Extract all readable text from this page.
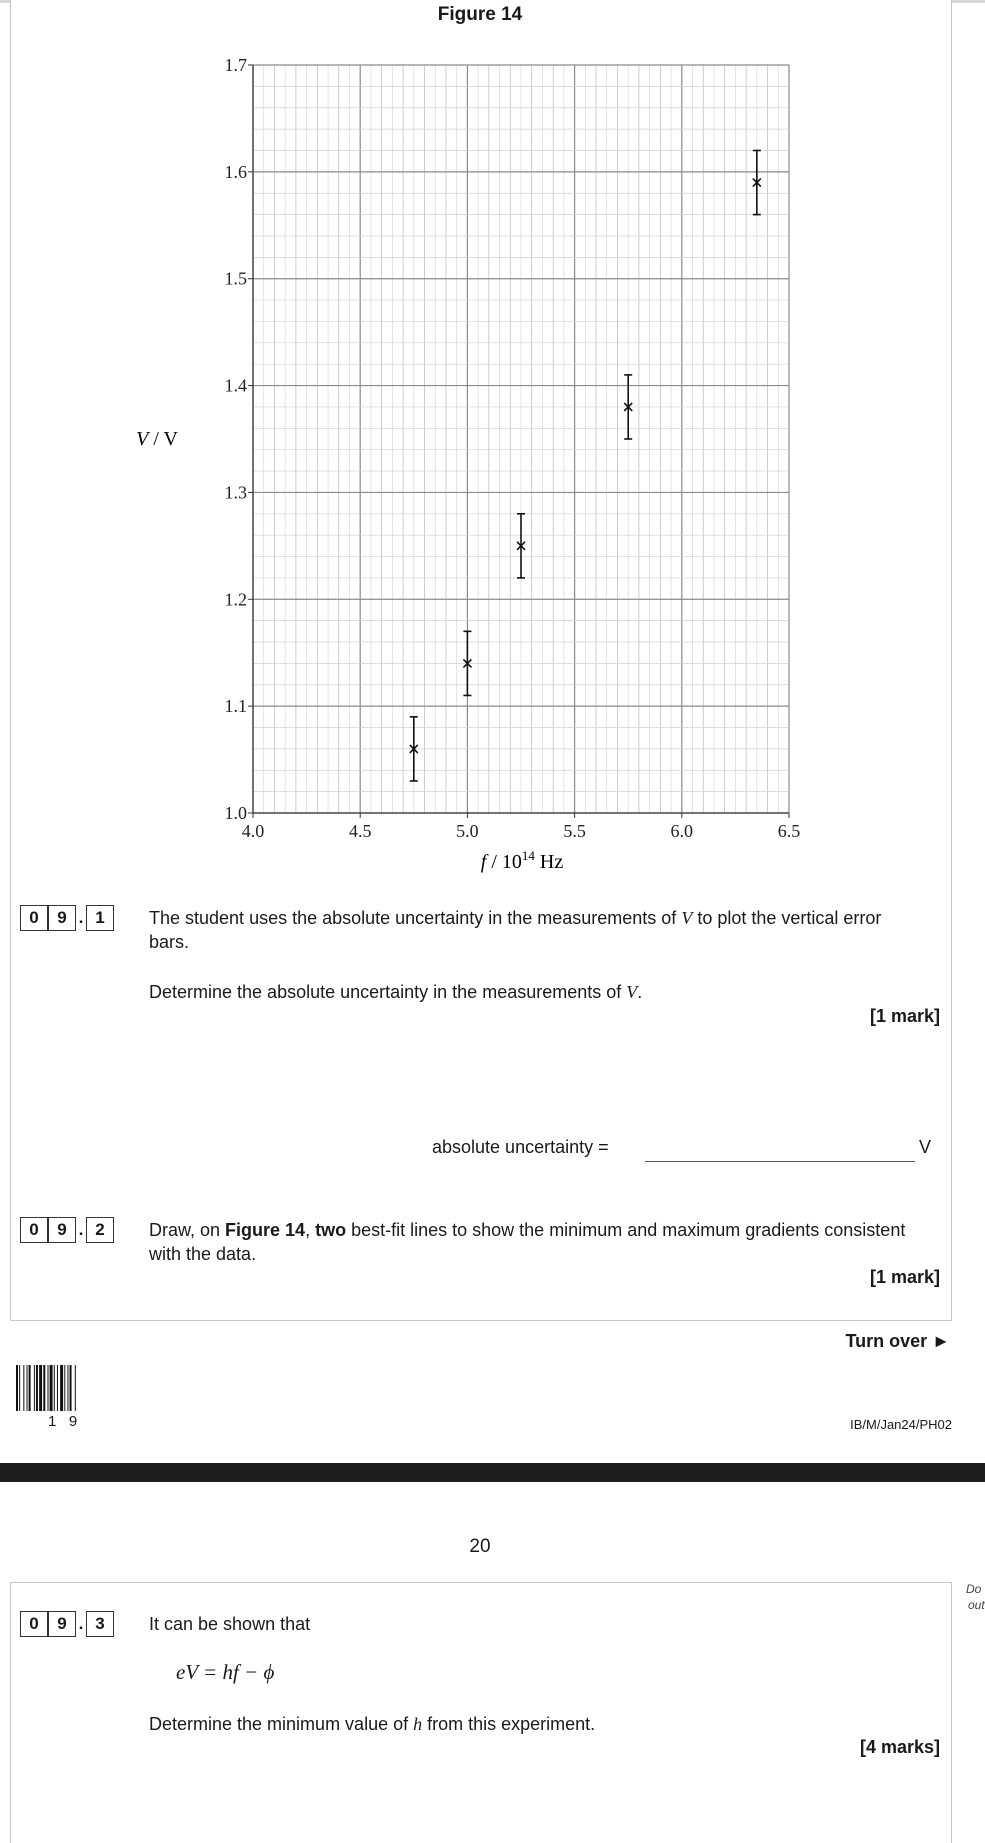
Figure 14
4.0	4.5	5.0	5.5	6.0	6.5
1.0
1.1
1.2
1.3
1.4
1.5
1.6
1.7
V / V
f / $10^{14}$ Hz
0	9 . 1	The student uses the absolute uncertainty in the measurements of V to plot the vertical error bars.
Determine the absolute uncertainty in the measurements of V.
[1 mark]
absolute uncertainty =	V
0	9 . 2	Draw, on Figure 14, two best-fit lines to show the minimum and maximum gradients consistent with the data.
[1 mark]
Turn over ►
1   9	IB/M/Jan24/PH02
20
Do
out
0	9 . 3	It can be shown that
eV = hf − ϕ
Determine the minimum value of h from this experiment.
[4 marks]
